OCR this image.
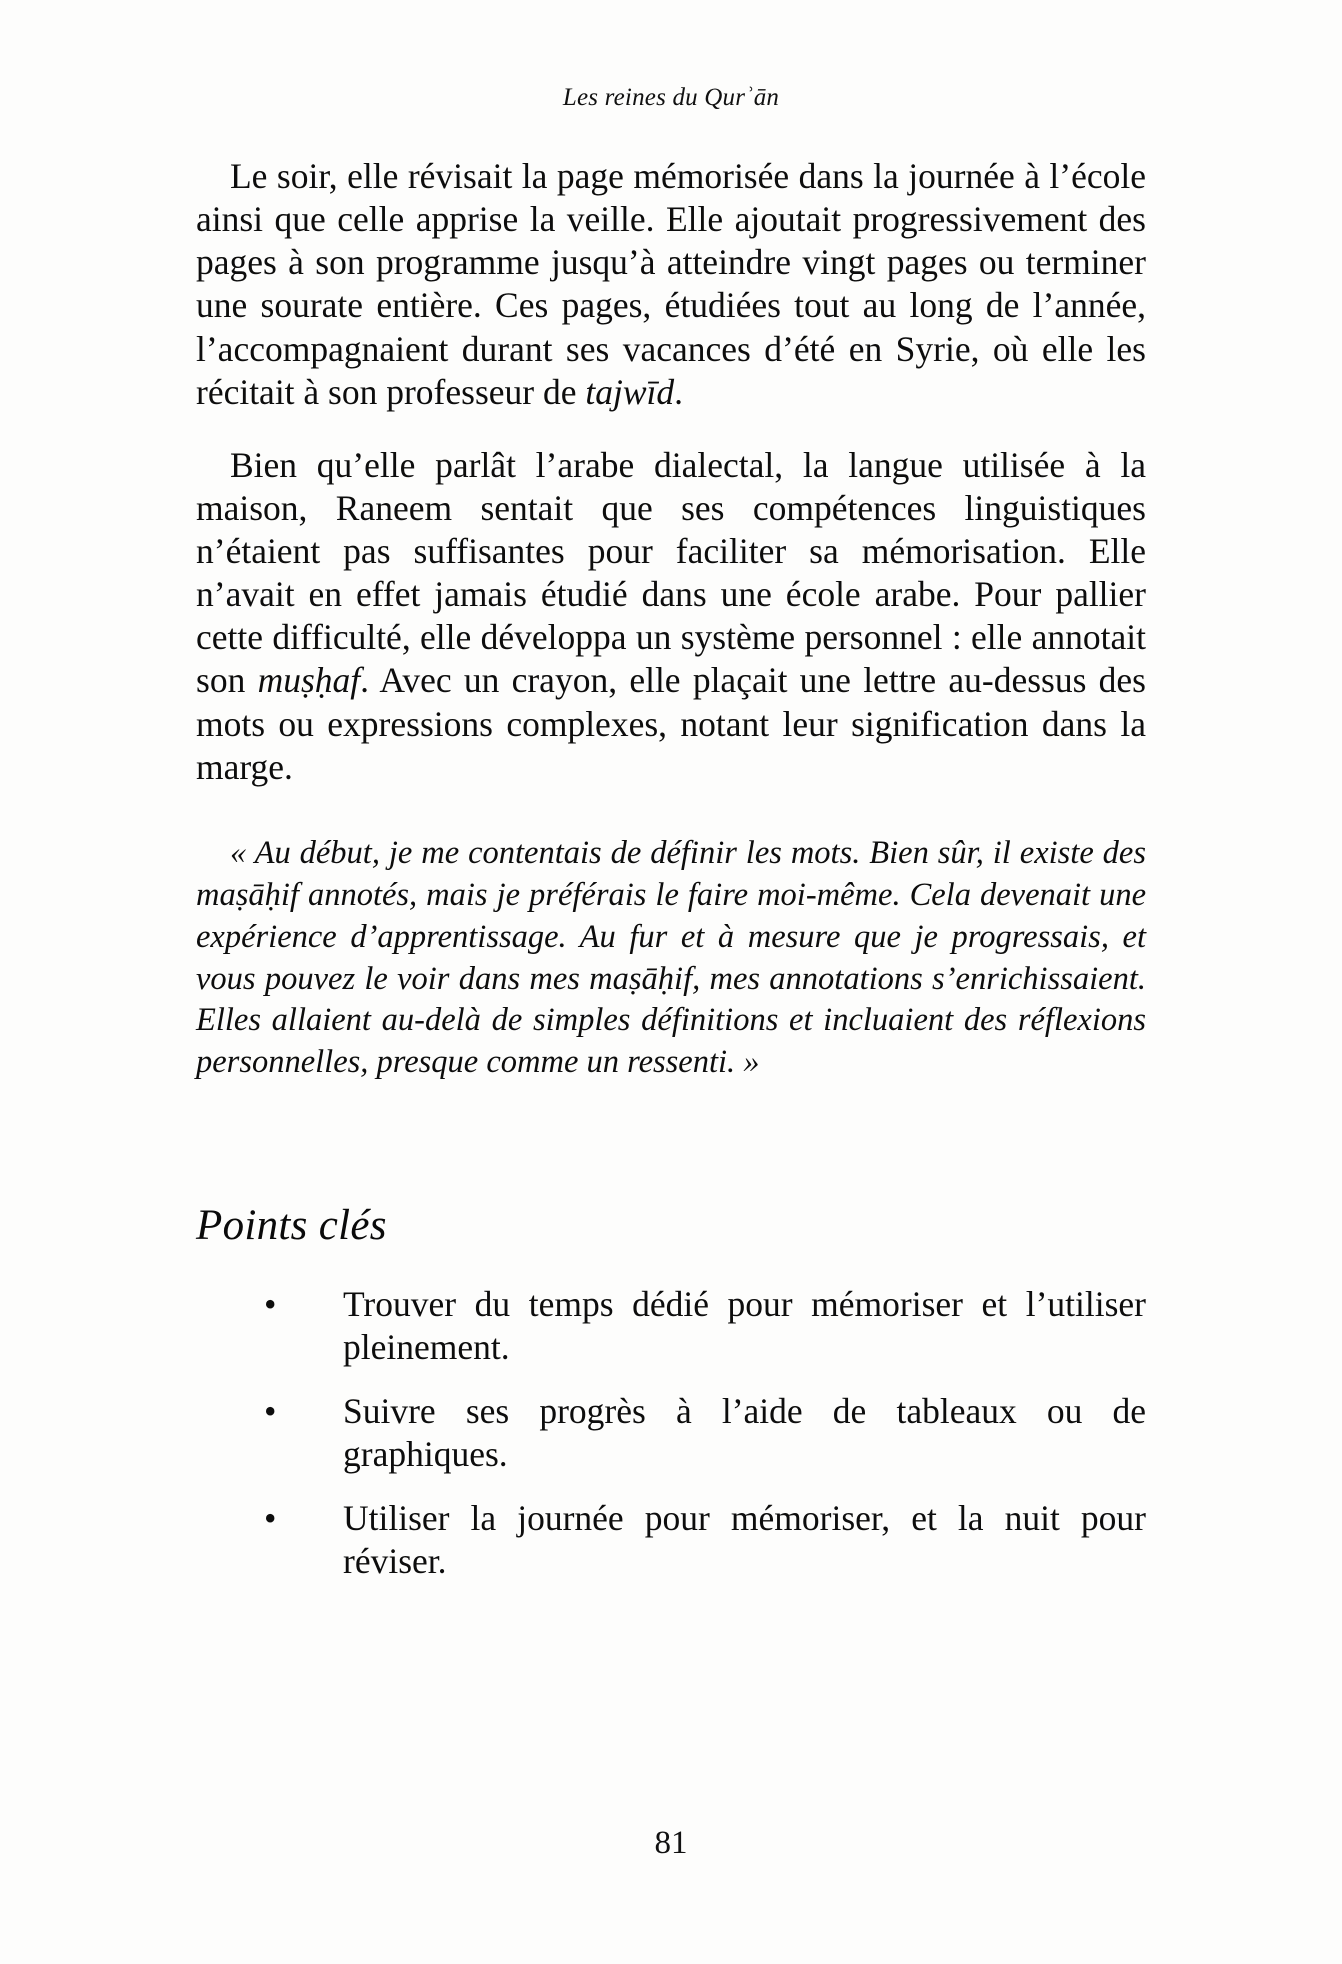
Les reines du Qurʾān

Le soir, elle révisait la page mémorisée dans la journée à l’école ainsi que celle apprise la veille. Elle ajoutait progressivement des pages à son programme jusqu’à atteindre vingt pages ou terminer une sourate entière. Ces pages, étudiées tout au long de l’année, l’accompagnaient durant ses vacances d’été en Syrie, où elle les récitait à son professeur de tajwīd.

Bien qu’elle parlât l’arabe dialectal, la langue utilisée à la maison, Raneem sentait que ses compétences linguistiques n’étaient pas suffisantes pour faciliter sa mémorisation. Elle n’avait en effet jamais étudié dans une école arabe. Pour pallier cette difficulté, elle développa un système personnel : elle annotait son muṣḥaf. Avec un crayon, elle plaçait une lettre au-dessus des mots ou expressions complexes, notant leur signification dans la marge.

« Au début, je me contentais de définir les mots. Bien sûr, il existe des maṣāḥif annotés, mais je préférais le faire moi-même. Cela devenait une expérience d’apprentissage. Au fur et à mesure que je progressais, et vous pouvez le voir dans mes maṣāḥif, mes annotations s’enrichissaient. Elles allaient au-delà de simples définitions et incluaient des réflexions personnelles, presque comme un ressenti. »

Points clés
• Trouver du temps dédié pour mémoriser et l’utiliser pleinement.
• Suivre ses progrès à l’aide de tableaux ou de graphiques.
• Utiliser la journée pour mémoriser, et la nuit pour réviser.
81
